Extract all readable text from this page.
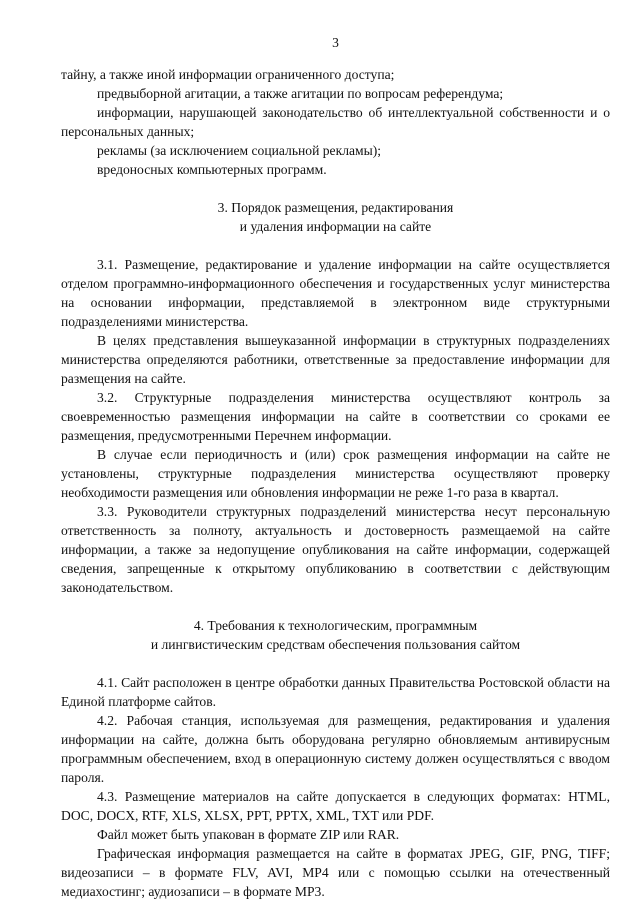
3

тайну, а также иной информации ограниченного доступа;

предвыборной агитации, а также агитации по вопросам референдума;

информации, нарушающей законодательство об интеллектуальной собственности и о персональных данных;

рекламы (за исключением социальной рекламы);

вредоносных компьютерных программ.

3. Порядок размещения, редактирования
и удаления информации на сайте

3.1. Размещение, редактирование и удаление информации на сайте осуществляется отделом программно-информационного обеспечения и государственных услуг министерства на основании информации, представляемой в электронном виде структурными подразделениями министерства.

В целях представления вышеуказанной информации в структурных подразделениях министерства определяются работники, ответственные за предоставление информации для размещения на сайте.

3.2. Структурные подразделения министерства осуществляют контроль за своевременностью размещения информации на сайте в соответствии со сроками ее размещения, предусмотренными Перечнем информации.

В случае если периодичность и (или) срок размещения информации на сайте не установлены, структурные подразделения министерства осуществляют проверку необходимости размещения или обновления информации не реже 1-го раза в квартал.

3.3. Руководители структурных подразделений министерства несут персональную ответственность за полноту, актуальность и достоверность размещаемой на сайте информации, а также за недопущение опубликования на сайте информации, содержащей сведения, запрещенные к открытому опубликованию в соответствии с действующим законодательством.

4. Требования к технологическим, программным
и лингвистическим средствам обеспечения пользования сайтом

4.1. Сайт расположен в центре обработки данных Правительства Ростовской области на Единой платформе сайтов.

4.2. Рабочая станция, используемая для размещения, редактирования и удаления информации на сайте, должна быть оборудована регулярно обновляемым антивирусным программным обеспечением, вход в операционную систему должен осуществляться с вводом пароля.

4.3. Размещение материалов на сайте допускается в следующих форматах: HTML, DOC, DOCX, RTF, XLS, XLSX, PPT, PPTX, XML, TXT или PDF.

Файл может быть упакован в формате ZIP или RAR.

Графическая информация размещается на сайте в форматах JPEG, GIF, PNG, TIFF; видеозаписи – в формате FLV, AVI, MP4 или с помощью ссылки на отечественный медиахостинг; аудиозаписи – в формате MP3.
